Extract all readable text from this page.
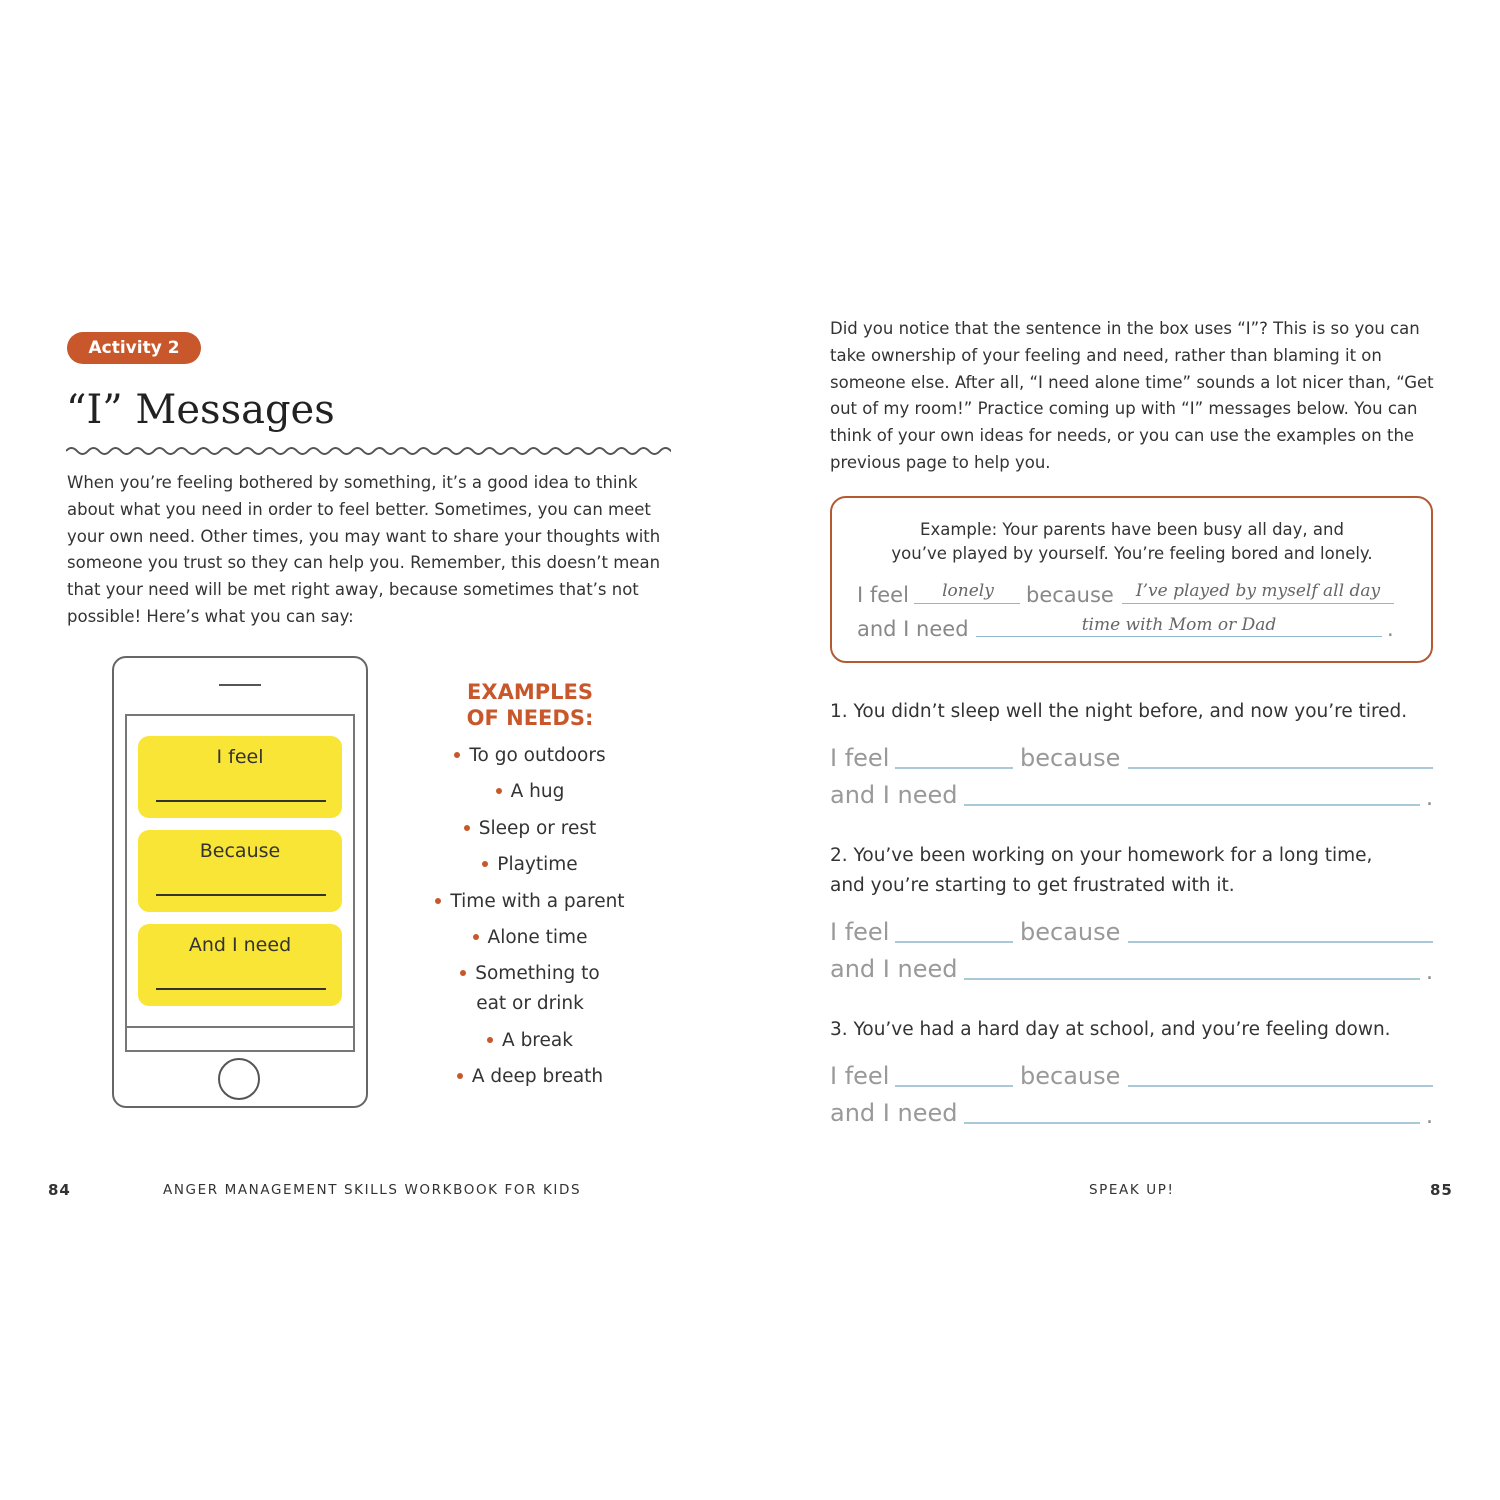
Activity 2
“I” Messages
When you’re feeling bothered by something, it’s a good idea to think about what you need in order to feel better. Sometimes, you can meet your own need. Other times, you may want to share your thoughts with someone you trust so they can help you. Remember, this doesn’t mean that your need will be met right away, because sometimes that’s not possible! Here’s what you can say:
I feel
Because
And I need
EXAMPLES
OF NEEDS:
To go outdoors
A hug
Sleep or rest
Playtime
Time with a parent
Alone time
Something to
eat or drink
A break
A deep breath
84	ANGER MANAGEMENT SKILLS WORKBOOK FOR KIDS
Did you notice that the sentence in the box uses “I”? This is so you can take ownership of your feeling and need, rather than blaming it on someone else. After all, “I need alone time” sounds a lot nicer than, “Get out of my room!” Practice coming up with “I” messages below. You can think of your own ideas for needs, or you can use the examples on the previous page to help you.
Example: Your parents have been busy all day, and
you’ve played by yourself. You’re feeling bored and lonely.
I feel	lonely	because	I’ve played by myself all day
and I need	time with Mom or Dad	.
1. You didn’t sleep well the night before, and now you’re tired.
I feel	because
and I need	.
2. You’ve been working on your homework for a long time,
and you’re starting to get frustrated with it.
I feel	because
and I need	.
3. You’ve had a hard day at school, and you’re feeling down.
I feel	because
and I need	.
SPEAK UP!	85
